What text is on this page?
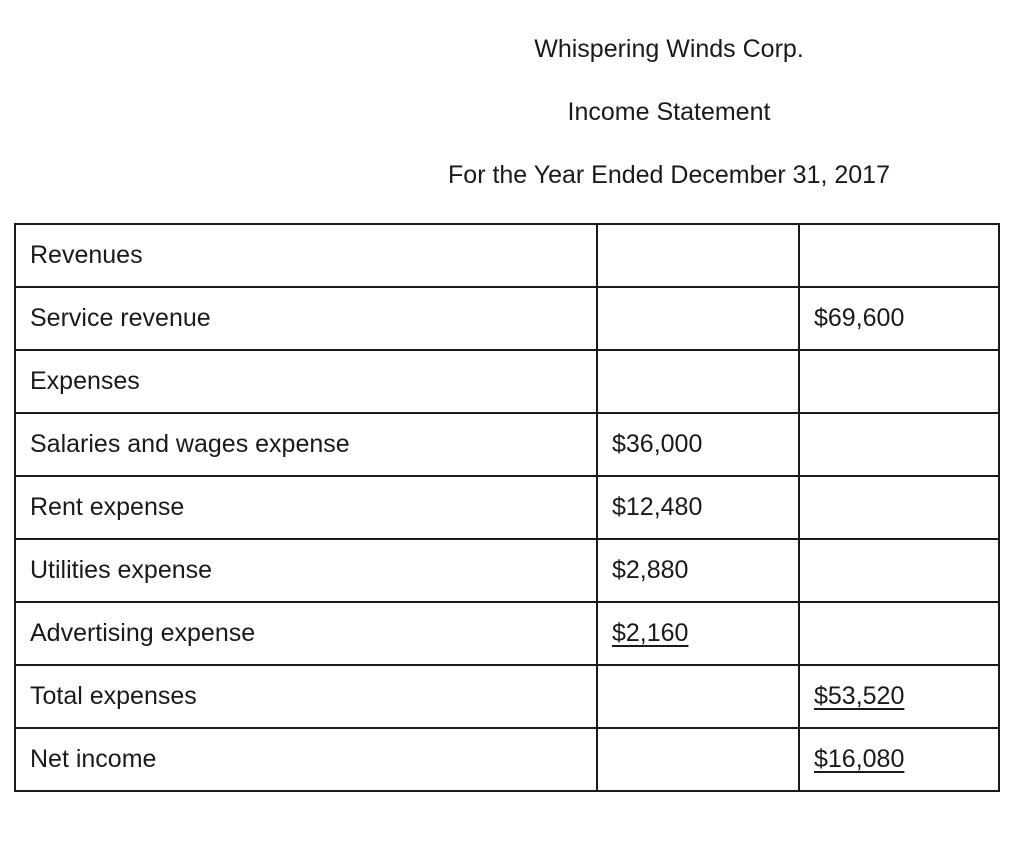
Whispering Winds Corp.
Income Statement
For the Year Ended December 31, 2017
Revenues		
Service revenue		$69,600
Expenses		
Salaries and wages expense	$36,000	
Rent expense	$12,480	
Utilities expense	$2,880	
Advertising expense	$2,160	
Total expenses		$53,520
Net income		$16,080
